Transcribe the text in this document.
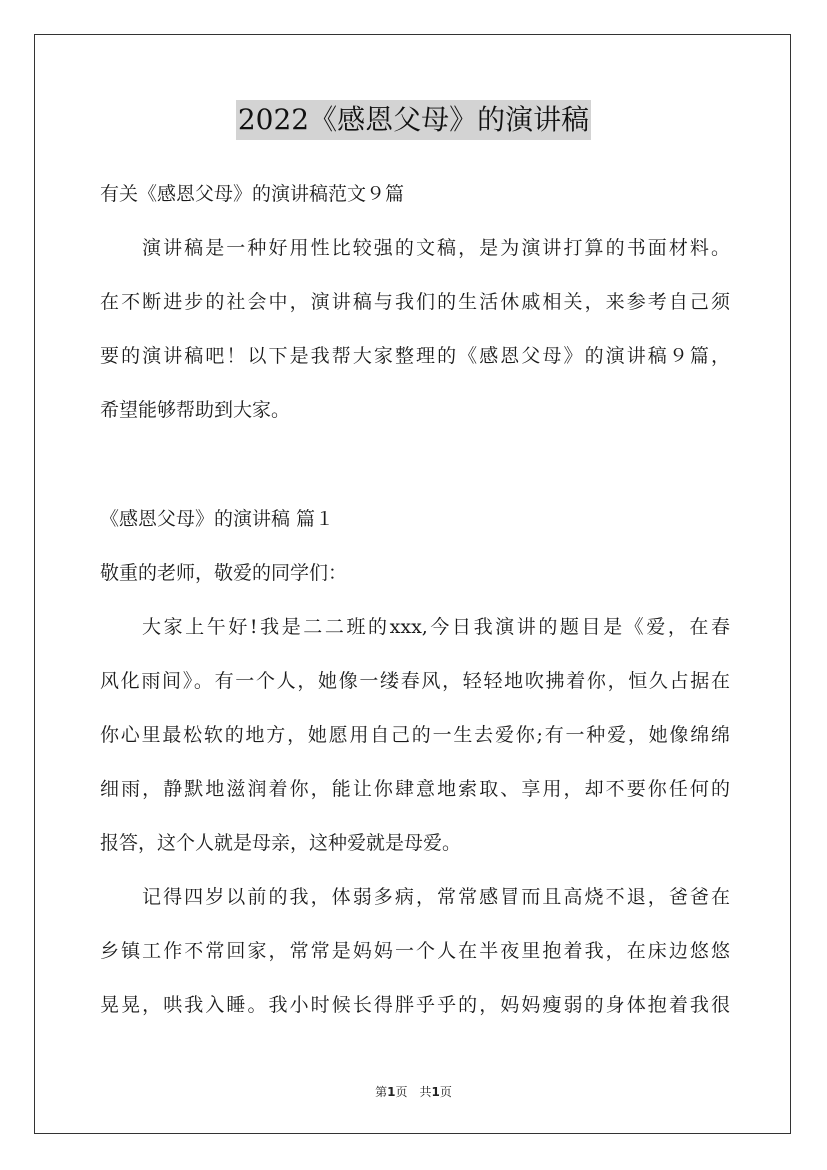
2022《感恩父母》的演讲稿
有关《感恩父母》的演讲稿范文９篇
演讲稿是一种好用性比较强的文稿，是为演讲打算的书面材料。
在不断进步的社会中，演讲稿与我们的生活休戚相关，来参考自己须
要的演讲稿吧！以下是我帮大家整理的《感恩父母》的演讲稿９篇，
希望能够帮助到大家。
《感恩父母》的演讲稿 篇１
敬重的老师，敬爱的同学们：
大家上午好!我是二二班的xxx,今日我演讲的题目是《爱，在春
风化雨间》。有一个人，她像一缕春风，轻轻地吹拂着你，恒久占据在
你心里最松软的地方，她愿用自己的一生去爱你;有一种爱，她像绵绵
细雨，静默地滋润着你，能让你肆意地索取、享用，却不要你任何的
报答，这个人就是母亲，这种爱就是母爱。
记得四岁以前的我，体弱多病，常常感冒而且高烧不退，爸爸在
乡镇工作不常回家，常常是妈妈一个人在半夜里抱着我，在床边悠悠
晃晃，哄我入睡。我小时候长得胖乎乎的，妈妈瘦弱的身体抱着我很
第1页　共1页
